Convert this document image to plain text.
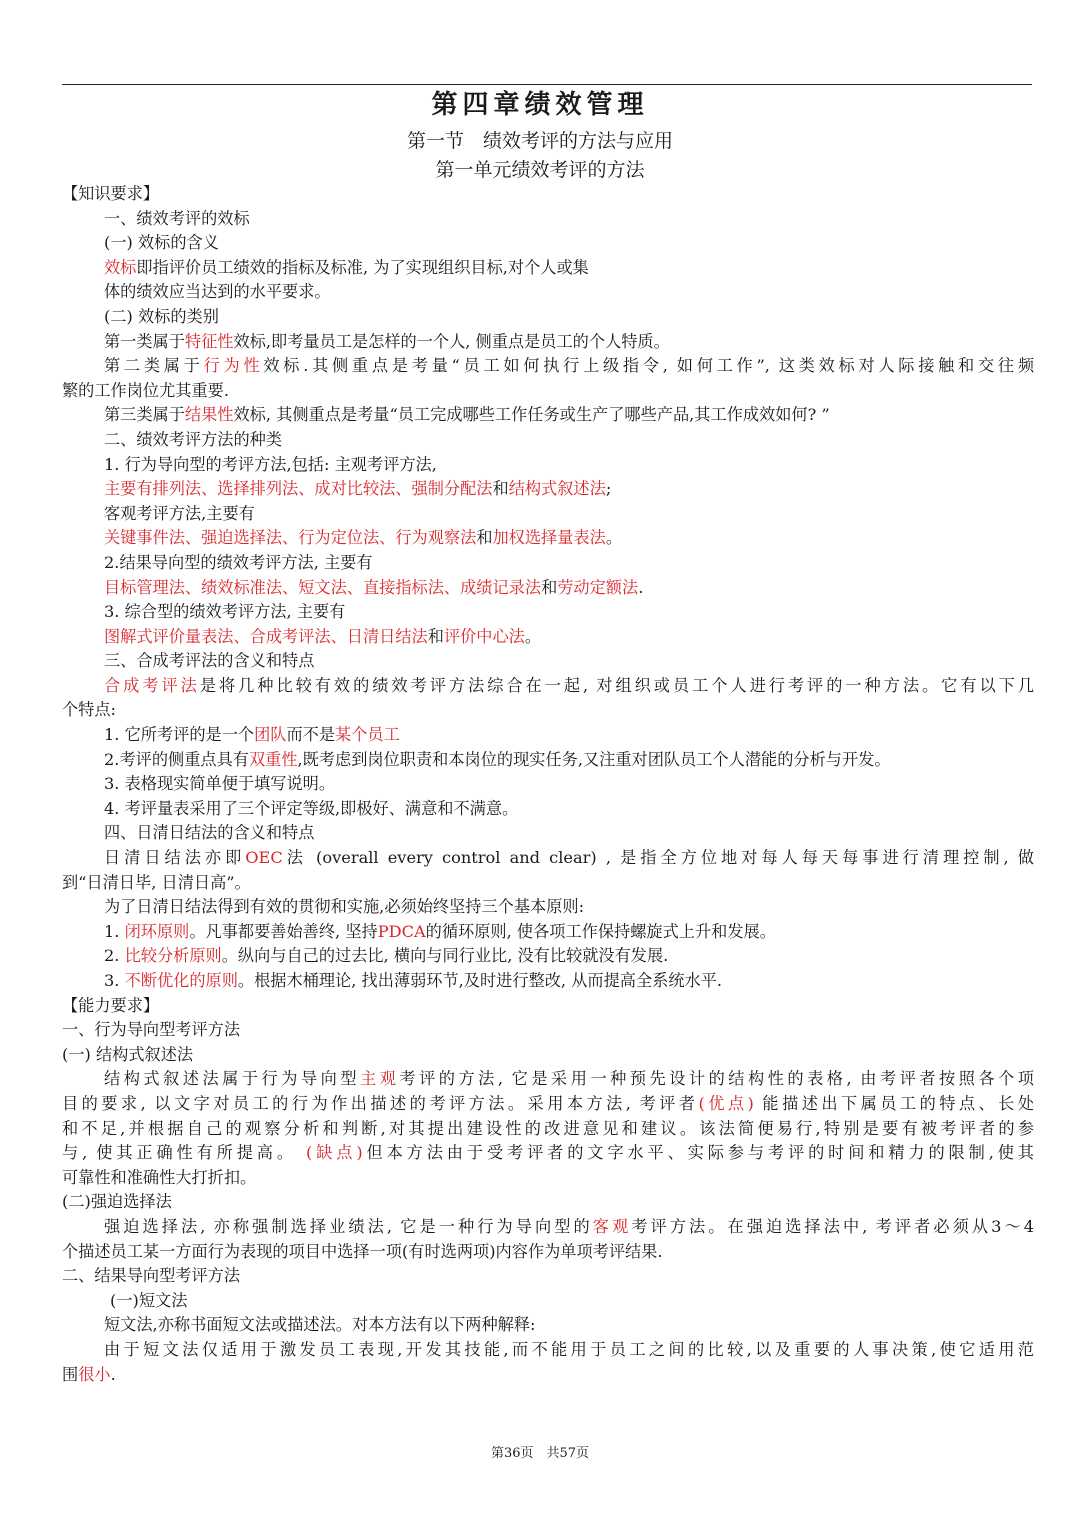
第四章绩效管理
第一节　绩效考评的方法与应用
第一单元绩效考评的方法
【知识要求】
一、绩效考评的效标
(一) 效标的含义
效标即指评价员工绩效的指标及标准, 为了实现组织目标,对个人或集
体的绩效应当达到的水平要求。
(二) 效标的类别
第一类属于特征性效标,即考量员工是怎样的一个人, 侧重点是员工的个人特质。
第二类属于行为性效标.其侧重点是考量“员工如何执行上级指令, 如何工作”, 这类效标对人际接触和交往频
繁的工作岗位尤其重要.
第三类属于结果性效标, 其侧重点是考量“员工完成哪些工作任务或生产了哪些产品,其工作成效如何? ”
二、绩效考评方法的种类
1. 行为导向型的考评方法,包括: 主观考评方法,
主要有排列法、选择排列法、成对比较法、强制分配法和结构式叙述法;
客观考评方法,主要有
关键事件法、强迫选择法、行为定位法、行为观察法和加权选择量表法。
2.结果导向型的绩效考评方法, 主要有
目标管理法、绩效标准法、短文法、直接指标法、成绩记录法和劳动定额法.
3. 综合型的绩效考评方法, 主要有
图解式评价量表法、合成考评法、日清日结法和评价中心法。
三、合成考评法的含义和特点
合成考评法是将几种比较有效的绩效考评方法综合在一起, 对组织或员工个人进行考评的一种方法。它有以下几
个特点:
1. 它所考评的是一个团队而不是某个员工
2.考评的侧重点具有双重性,既考虑到岗位职责和本岗位的现实任务,又注重对团队员工个人潜能的分析与开发。
3. 表格现实简单便于填写说明。
4. 考评量表采用了三个评定等级,即极好、满意和不满意。
四、日清日结法的含义和特点
日清日结法亦即OEC法 (overall every control and clear) , 是指全方位地对每人每天每事进行清理控制, 做
到“日清日毕, 日清日高”。
为了日清日结法得到有效的贯彻和实施,必须始终坚持三个基本原则:
1. 闭环原则。凡事都要善始善终, 坚持PDCA的循环原则, 使各项工作保持螺旋式上升和发展。
2. 比较分析原则。纵向与自己的过去比, 横向与同行业比, 没有比较就没有发展.
3. 不断优化的原则。根据木桶理论, 找出薄弱环节,及时进行整改, 从而提高全系统水平.
【能力要求】
一、行为导向型考评方法
(一) 结构式叙述法
结构式叙述法属于行为导向型主观考评的方法, 它是采用一种预先设计的结构性的表格, 由考评者按照各个项
目的要求, 以文字对员工的行为作出描述的考评方法。采用本方法, 考评者(优点) 能描述出下属员工的特点、长处
和不足,并根据自己的观察分析和判断,对其提出建设性的改进意见和建议。该法简便易行,特别是要有被考评者的参
与, 使其正确性有所提高。 (缺点)但本方法由于受考评者的文字水平、实际参与考评的时间和精力的限制,使其
可靠性和准确性大打折扣。
(二)强迫选择法
强迫选择法, 亦称强制选择业绩法, 它是一种行为导向型的客观考评方法。在强迫选择法中, 考评者必须从3～4
个描述员工某一方面行为表现的项目中选择一项(有时选两项)内容作为单项考评结果.
二、结果导向型考评方法
(一)短文法
短文法,亦称书面短文法或描述法。对本方法有以下两种解释:
由于短文法仅适用于激发员工表现,开发其技能,而不能用于员工之间的比较,以及重要的人事决策,使它适用范
围很小.
第36页　共57页
